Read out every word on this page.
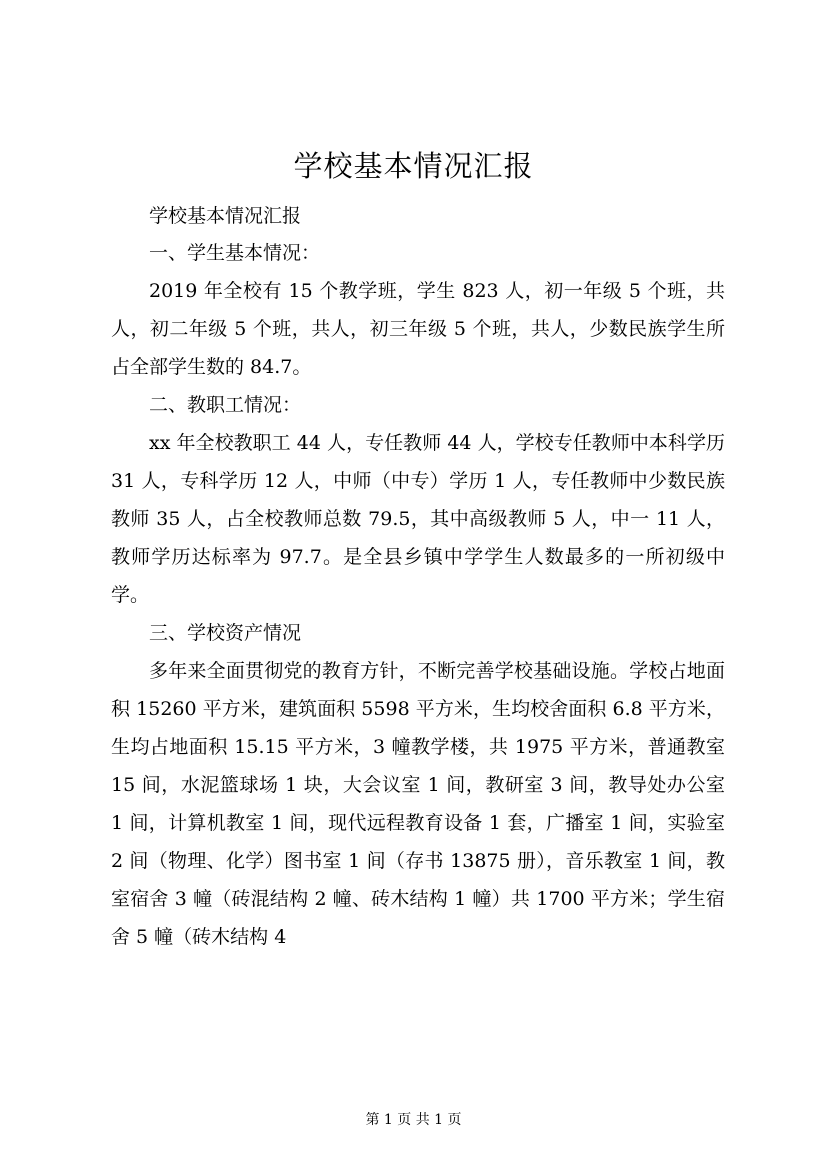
学校基本情况汇报

学校基本情况汇报

一、学生基本情况：

2019 年全校有 15 个教学班，学生 823 人，初一年级 5 个班，共人，初二年级 5 个班，共人，初三年级 5 个班，共人，少数民族学生所占全部学生数的 84.7。

二、教职工情况：

xx 年全校教职工 44 人，专任教师 44 人，学校专任教师中本科学历 31 人，专科学历 12 人，中师（中专）学历 1 人，专任教师中少数民族教师 35 人，占全校教师总数 79.5，其中高级教师 5 人，中一 11 人，教师学历达标率为 97.7。是全县乡镇中学学生人数最多的一所初级中学。

三、学校资产情况

多年来全面贯彻党的教育方针，不断完善学校基础设施。学校占地面积 15260 平方米，建筑面积 5598 平方米，生均校舍面积 6.8 平方米，生均占地面积 15.15 平方米，3 幢教学楼，共 1975 平方米，普通教室 15 间，水泥篮球场 1 块，大会议室 1 间，教研室 3 间，教导处办公室 1 间，计算机教室 1 间，现代远程教育设备 1 套，广播室 1 间，实验室 2 间（物理、化学）图书室 1 间（存书 13875 册），音乐教室 1 间，教室宿舍 3 幢（砖混结构 2 幢、砖木结构 1 幢）共 1700 平方米；学生宿舍 5 幢（砖木结构 4

第 1 页 共 1 页
